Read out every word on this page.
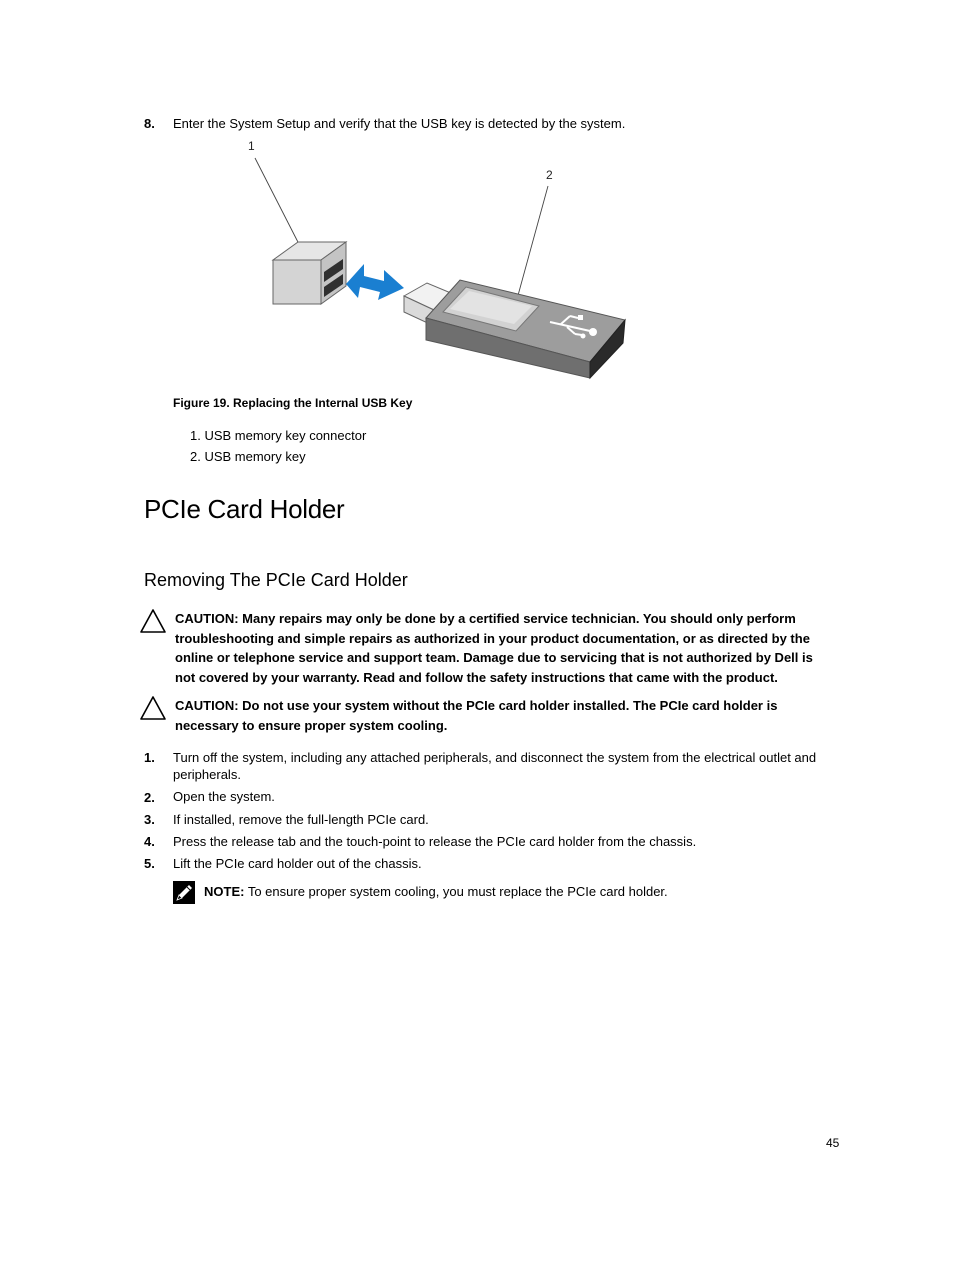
8. Enter the System Setup and verify that the USB key is detected by the system.
1
2
Figure 19. Replacing the Internal USB Key
1. USB memory key connector
2. USB memory key
PCIe Card Holder
Removing The PCIe Card Holder
CAUTION: Many repairs may only be done by a certified service technician. You should only perform troubleshooting and simple repairs as authorized in your product documentation, or as directed by the online or telephone service and support team. Damage due to servicing that is not authorized by Dell is not covered by your warranty. Read and follow the safety instructions that came with the product.
CAUTION: Do not use your system without the PCIe card holder installed. The PCIe card holder is necessary to ensure proper system cooling.
1. Turn off the system, including any attached peripherals, and disconnect the system from the electrical outlet and peripherals.
2. Open the system.
3. If installed, remove the full-length PCIe card.
4. Press the release tab and the touch-point to release the PCIe card holder from the chassis.
5. Lift the PCIe card holder out of the chassis.
NOTE: To ensure proper system cooling, you must replace the PCIe card holder.
45
